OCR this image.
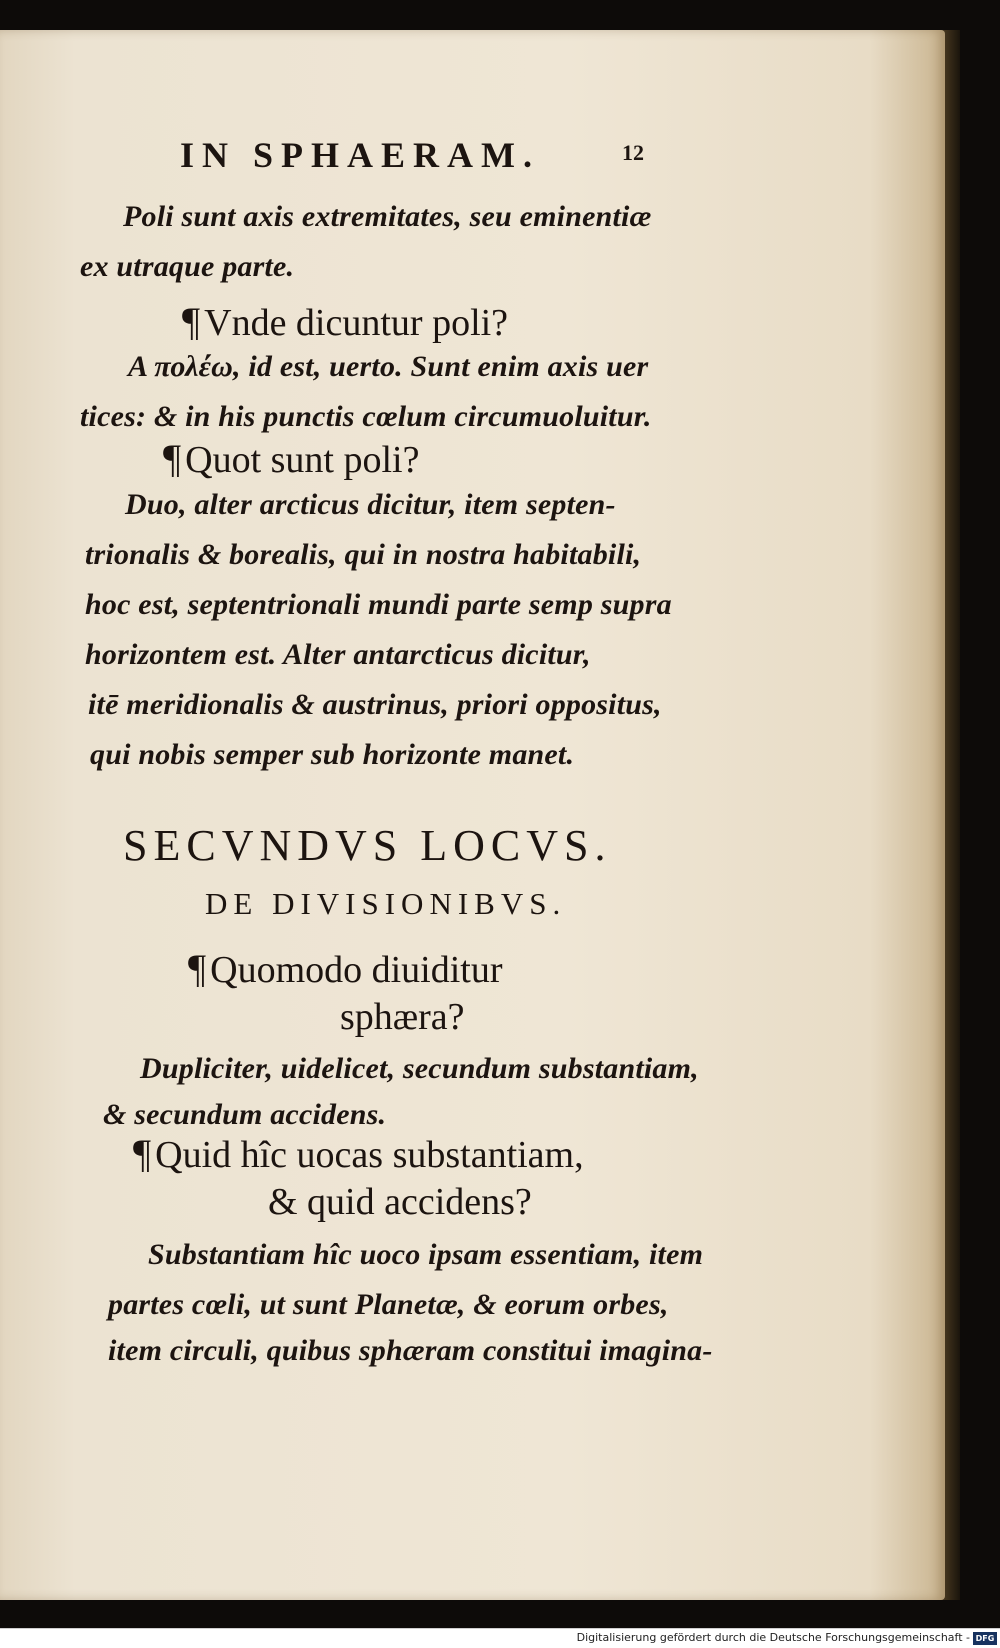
IN SPHAERAM.	12
Poli sunt axis extremitates, seu eminentiæ
ex utraque parte.
¶ Vnde dicuntur poli?
A πολέω, id est, uerto. Sunt enim axis uer
tices: & in his punctis cœlum circumuoluitur.
¶ Quot sunt poli?
Duo, alter arcticus dicitur, item septen-
trionalis & borealis, qui in nostra habitabili,
hoc est, septentrionali mundi parte semp supra
horizontem est. Alter antarcticus dicitur,
itē meridionalis & austrinus, priori oppositus,
qui nobis semper sub horizonte manet.
SECVNDVS LOCVS.
DE DIVISIONIBVS.
¶ Quomodo diuiditur
sphæra?
Dupliciter, uidelicet, secundum substantiam,
& secundum accidens.
¶ Quid hîc uocas substantiam,
& quid accidens?
Substantiam hîc uoco ipsam essentiam, item
partes cœli, ut sunt Planetæ, & eorum orbes,
item circuli, quibus sphæram constitui imagina-
Digitalisierung gefördert durch die Deutsche Forschungsgemeinschaft - DFG
